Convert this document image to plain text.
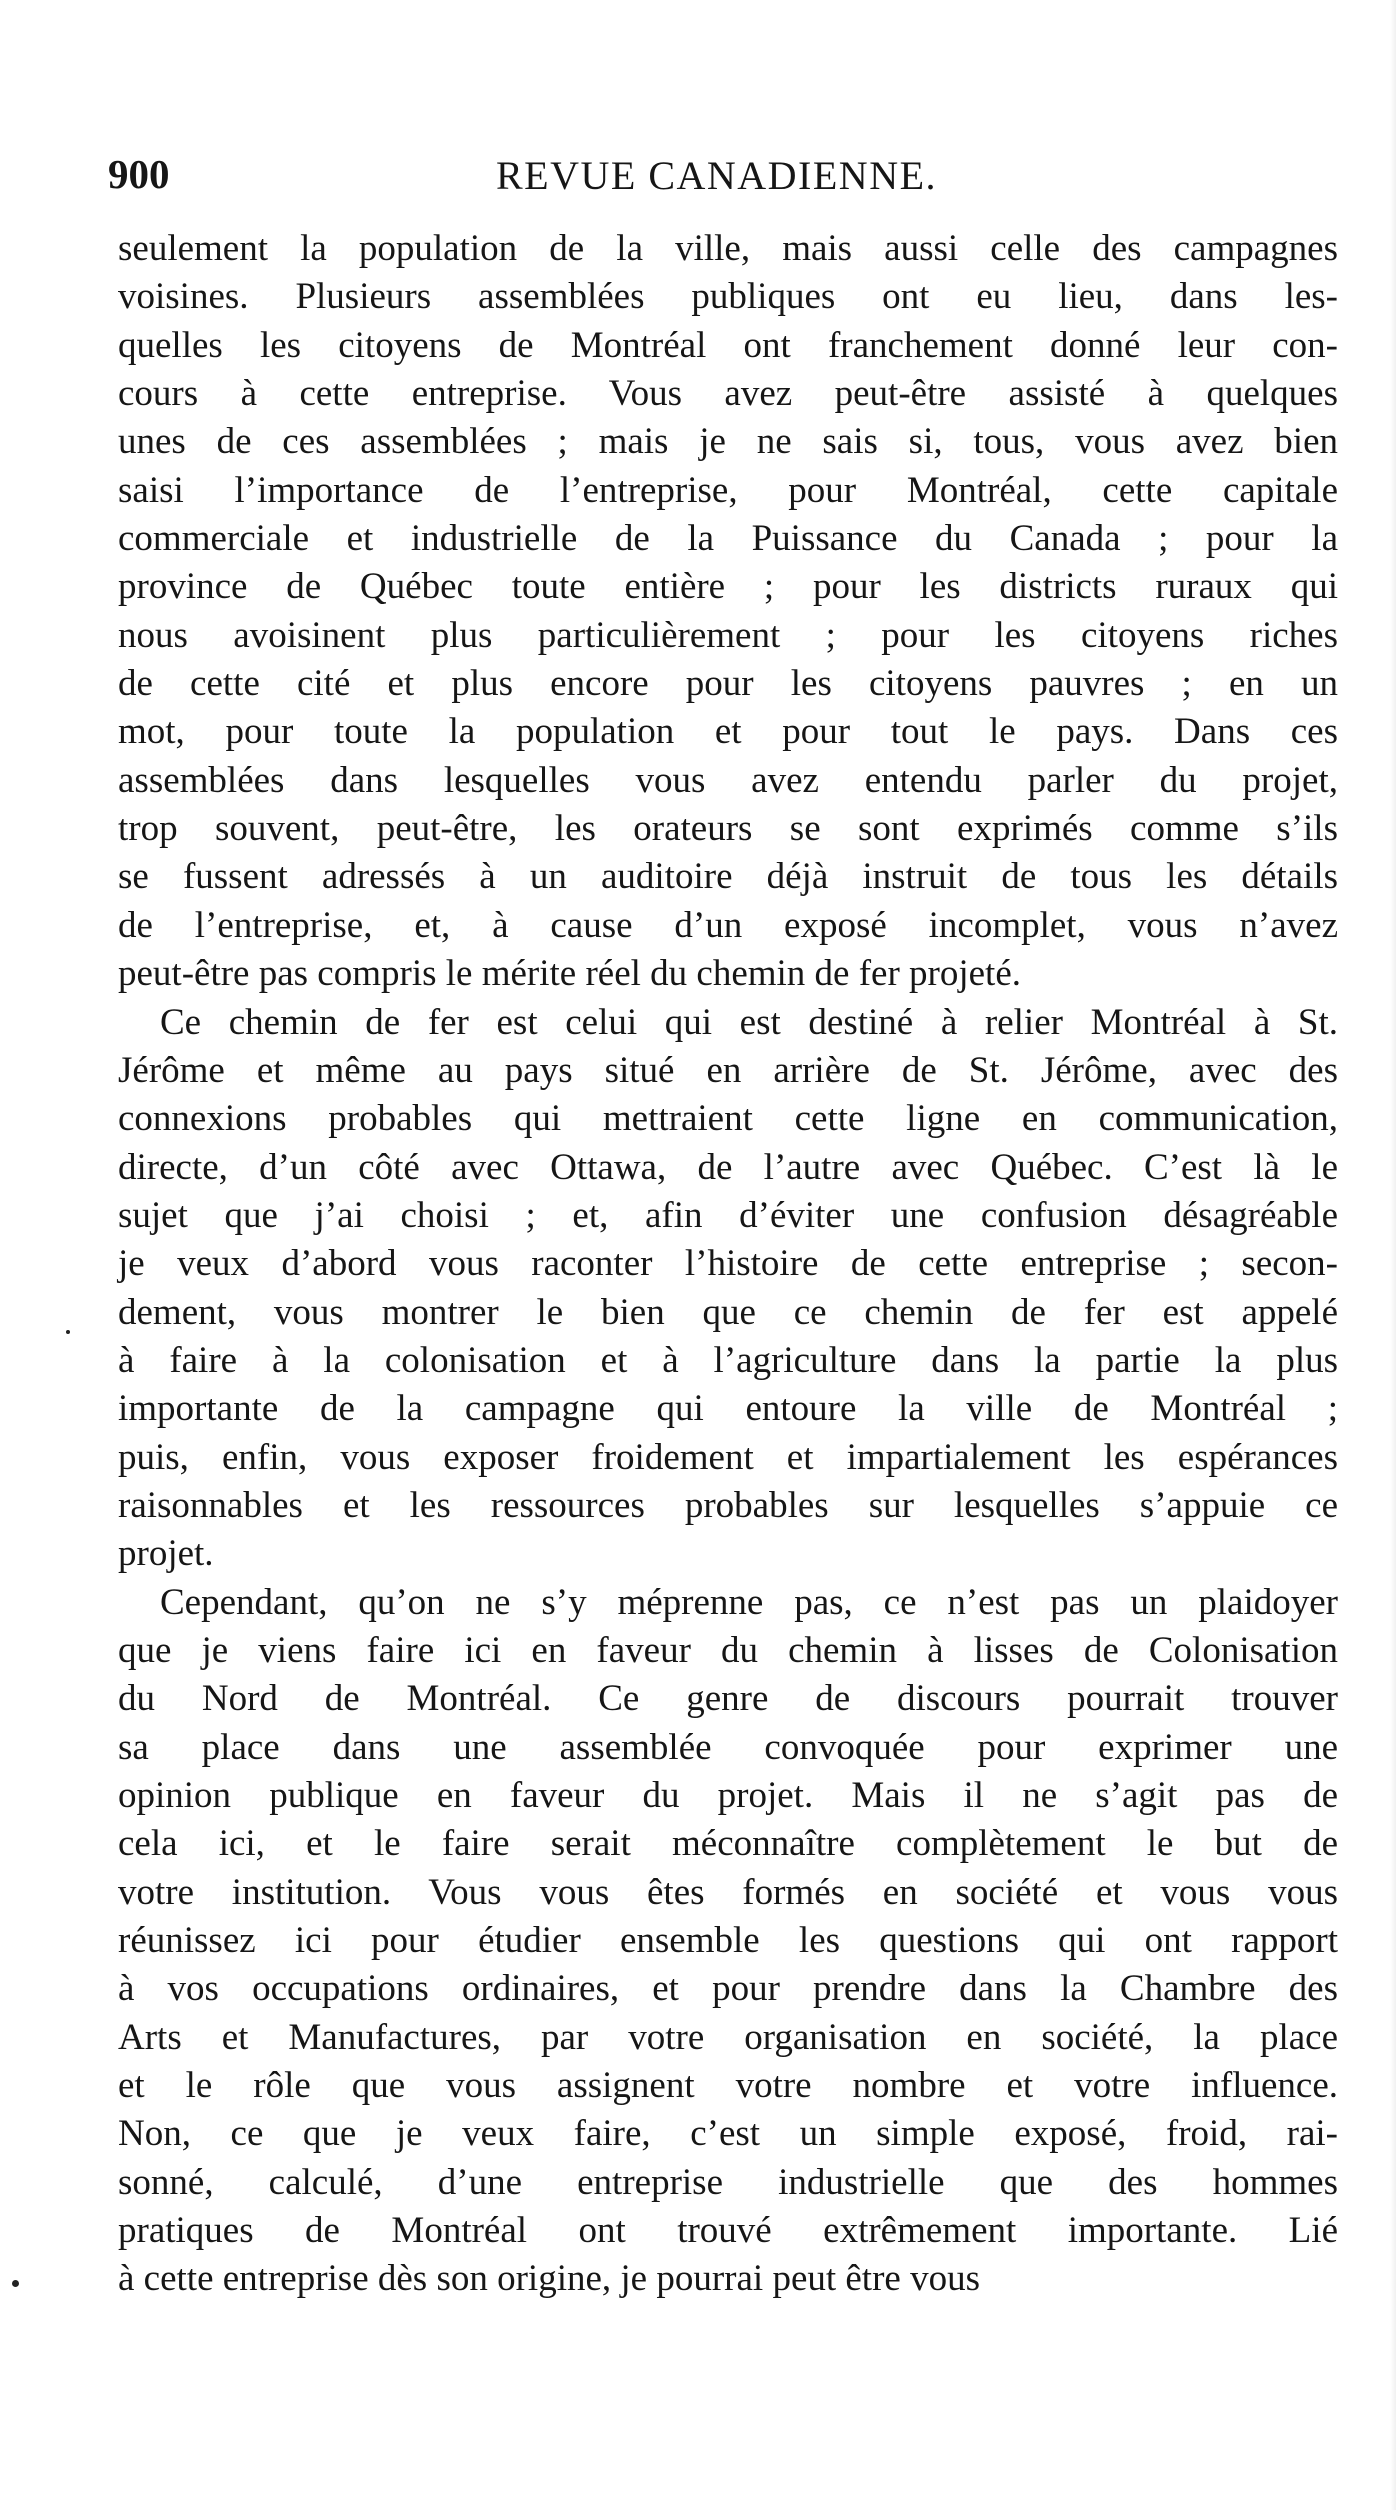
900	REVUE CANADIENNE.
seulement la population de la ville, mais aussi celle des campagnes
voisines. Plusieurs assemblées publiques ont eu lieu, dans les-
quelles les citoyens de Montréal ont franchement donné leur con-
cours à cette entreprise. Vous avez peut-être assisté à quelques
unes de ces assemblées ; mais je ne sais si, tous, vous avez bien
saisi l’importance de l’entreprise, pour Montréal, cette capitale
commerciale et industrielle de la Puissance du Canada ; pour la
province de Québec toute entière ; pour les districts ruraux qui
nous avoisinent plus particulièrement ; pour les citoyens riches
de cette cité et plus encore pour les citoyens pauvres ; en un
mot, pour toute la population et pour tout le pays. Dans ces
assemblées dans lesquelles vous avez entendu parler du projet,
trop souvent, peut-être, les orateurs se sont exprimés comme s’ils
se fussent adressés à un auditoire déjà instruit de tous les détails
de l’entreprise, et, à cause d’un exposé incomplet, vous n’avez
peut-être pas compris le mérite réel du chemin de fer projeté.
Ce chemin de fer est celui qui est destiné à relier Montréal à St.
Jérôme et même au pays situé en arrière de St. Jérôme, avec des
connexions probables qui mettraient cette ligne en communication,
directe, d’un côté avec Ottawa, de l’autre avec Québec. C’est là le
sujet que j’ai choisi ; et, afin d’éviter une confusion désagréable
je veux d’abord vous raconter l’histoire de cette entreprise ; secon-
dement, vous montrer le bien que ce chemin de fer est appelé
à faire à la colonisation et à l’agriculture dans la partie la plus
importante de la campagne qui entoure la ville de Montréal ;
puis, enfin, vous exposer froidement et impartialement les espérances
raisonnables et les ressources probables sur lesquelles s’appuie ce
projet.
Cependant, qu’on ne s’y méprenne pas, ce n’est pas un plaidoyer
que je viens faire ici en faveur du chemin à lisses de Colonisation
du Nord de Montréal. Ce genre de discours pourrait trouver
sa place dans une assemblée convoquée pour exprimer une
opinion publique en faveur du projet. Mais il ne s’agit pas de
cela ici, et le faire serait méconnaître complètement le but de
votre institution. Vous vous êtes formés en société et vous vous
réunissez ici pour étudier ensemble les questions qui ont rapport
à vos occupations ordinaires, et pour prendre dans la Chambre des
Arts et Manufactures, par votre organisation en société, la place
et le rôle que vous assignent votre nombre et votre influence.
Non, ce que je veux faire, c’est un simple exposé, froid, rai-
sonné, calculé, d’une entreprise industrielle que des hommes
pratiques de Montréal ont trouvé extrêmement importante. Lié
à cette entreprise dès son origine, je pourrai peut être vous
